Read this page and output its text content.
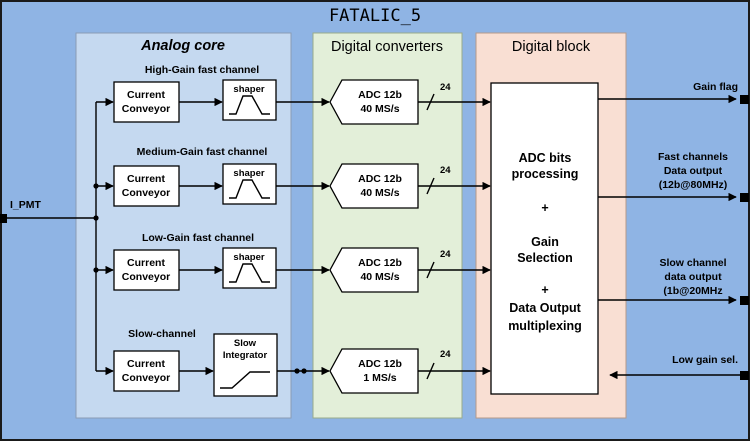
FATALIC_5
Analog core	Digital converters	Digital block
I_PMT
High-Gain fast channel
Current
Conveyor
shaper	ADC 12b
40 MS/s
24
Medium-Gain fast channel
Current
Conveyor
shaper	ADC 12b
40 MS/s
24
Low-Gain fast channel
Current
Conveyor
shaper	ADC 12b
40 MS/s
24
Slow-channel
Current
Conveyor
Slow
Integrator
ADC 12b
1 MS/s
24
ADC bits
processing
+
Gain
Selection
+
Data Output
multiplexing
Gain flag
Fast channels
Data output
(12b@80MHz)
Slow channel
data output
(1b@20MHz
Low gain sel.
